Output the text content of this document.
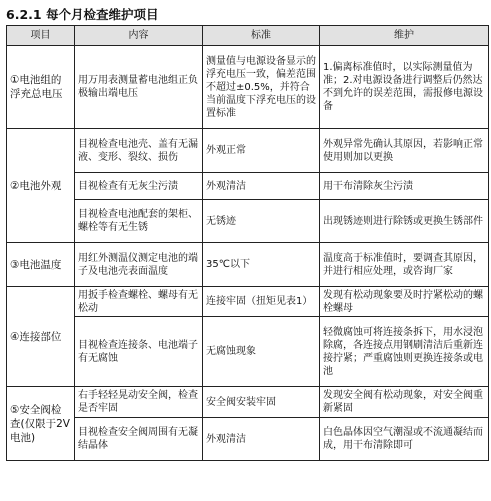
6.2.1 每个月检查维护项目
项目	内容	标准	维护
①电池组的浮充总电压	用万用表测量蓄电池组正负极输出端电压	测量值与电源设备显示的浮充电压一致，偏差范围不超过±0.5%，并符合当前温度下浮充电压的设置标准	1.偏离标准值时，以实际测量值为准；2.对电源设备进行调整后仍然达不到允许的误差范围，需报修电源设备
②电池外观	目视检查电池壳、盖有无漏液、变形、裂纹、损伤	外观正常	外观异常先确认其原因，若影响正常使用则加以更换
	目视检查有无灰尘污渍	外观清洁	用干布清除灰尘污渍
	目视检查电池配套的架柜、螺栓等有无生锈	无锈迹	出现锈迹则进行除锈或更换生锈部件
③电池温度	用红外测温仪测定电池的端子及电池壳表面温度	35℃以下	温度高于标准值时，要调查其原因，并进行相应处理，或咨询厂家
④连接部位	用扳手检查螺栓、螺母有无松动	连接牢固（扭矩见表1）	发现有松动现象要及时拧紧松动的螺栓螺母
	目视检查连接条、电池端子有无腐蚀	无腐蚀现象	轻微腐蚀可将连接条拆下，用水浸泡除腐，各连接点用钢刷清洁后重新连接拧紧；严重腐蚀则更换连接条或电池
⑤安全阀检查(仅限于2V电池)	右手轻轻晃动安全阀，检查是否牢固	安全阀安装牢固	发现安全阀有松动现象，对安全阀重新紧固
	目视检查安全阀周围有无凝结晶体	外观清洁	白色晶体因空气潮湿或不流通凝结而成，用干布清除即可
